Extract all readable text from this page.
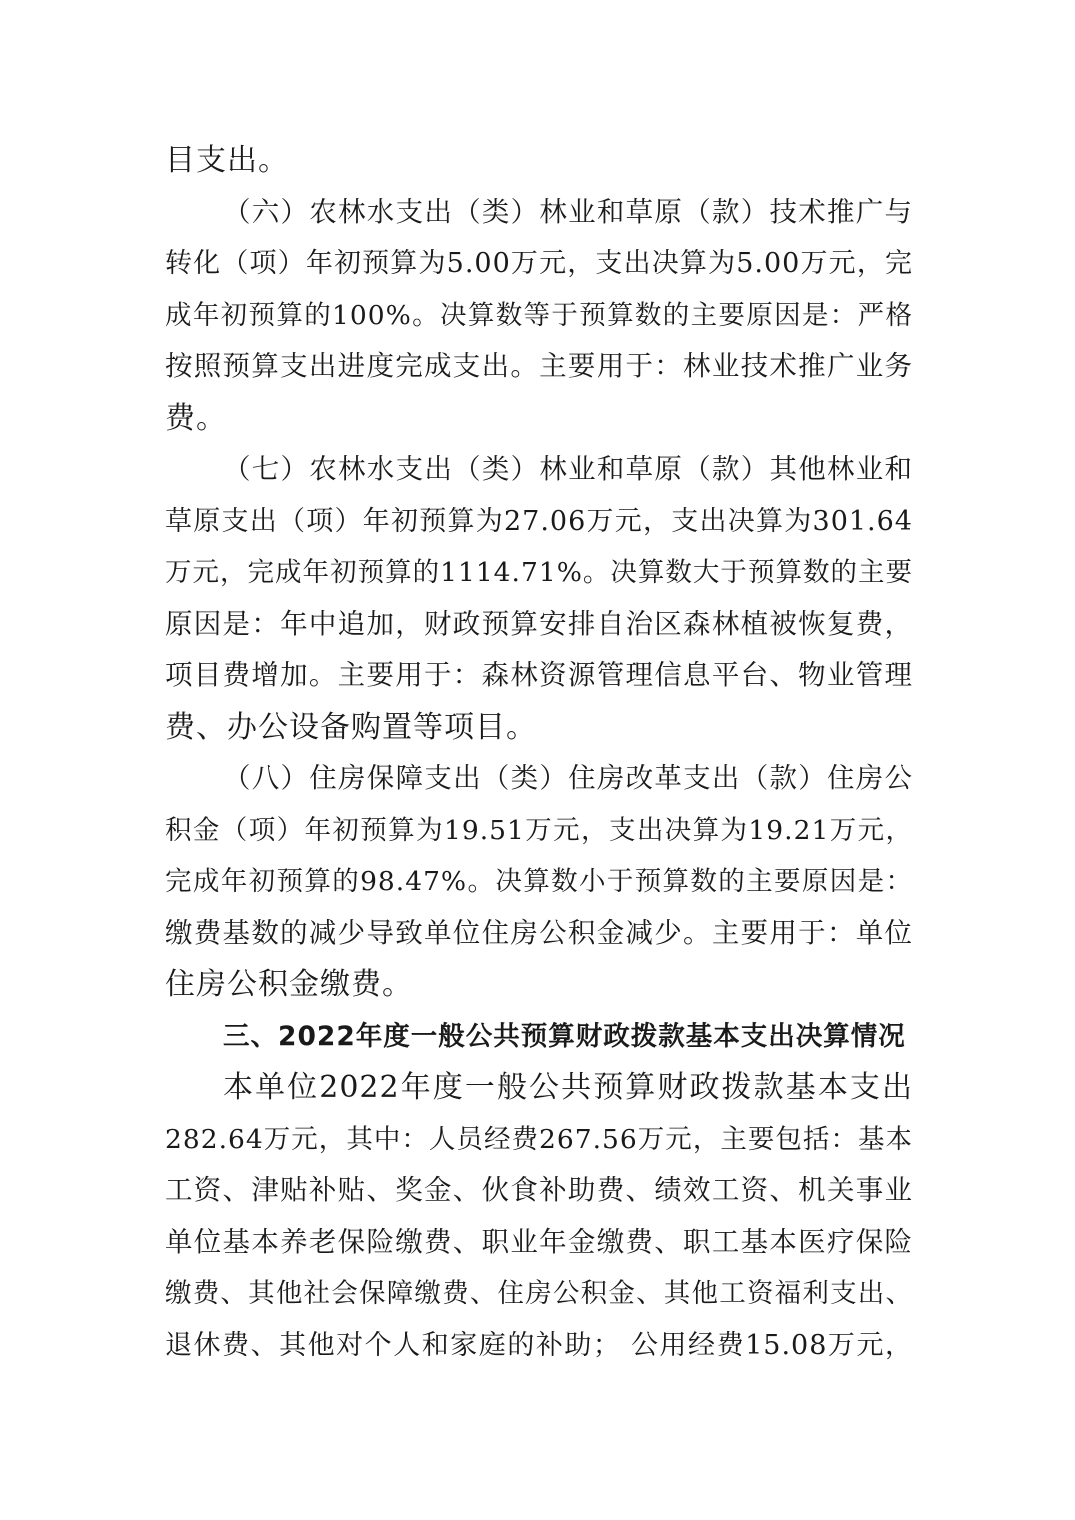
目支出。
（六）农林水支出（类）林业和草原（款）技术推广与
转化（项）年初预算为5.00万元，支出决算为5.00万元，完
成年初预算的100%。决算数等于预算数的主要原因是：严格
按照预算支出进度完成支出。主要用于：林业技术推广业务
费。
（七）农林水支出（类）林业和草原（款）其他林业和
草原支出（项）年初预算为27.06万元，支出决算为301.64
万元，完成年初预算的1114.71%。决算数大于预算数的主要
原因是：年中追加，财政预算安排自治区森林植被恢复费，
项目费增加。主要用于：森林资源管理信息平台、物业管理
费、办公设备购置等项目。
（八）住房保障支出（类）住房改革支出（款）住房公
积金（项）年初预算为19.51万元，支出决算为19.21万元，
完成年初预算的98.47%。决算数小于预算数的主要原因是：
缴费基数的减少导致单位住房公积金减少。主要用于：单位
住房公积金缴费。
三、2022年度一般公共预算财政拨款基本支出决算情况
本单位2022年度一般公共预算财政拨款基本支出
282.64万元，其中：人员经费267.56万元，主要包括：基本
工资、津贴补贴、奖金、伙食补助费、绩效工资、机关事业
单位基本养老保险缴费、职业年金缴费、职工基本医疗保险
缴费、其他社会保障缴费、住房公积金、其他工资福利支出、
退休费、其他对个人和家庭的补助； 公用经费15.08万元，
